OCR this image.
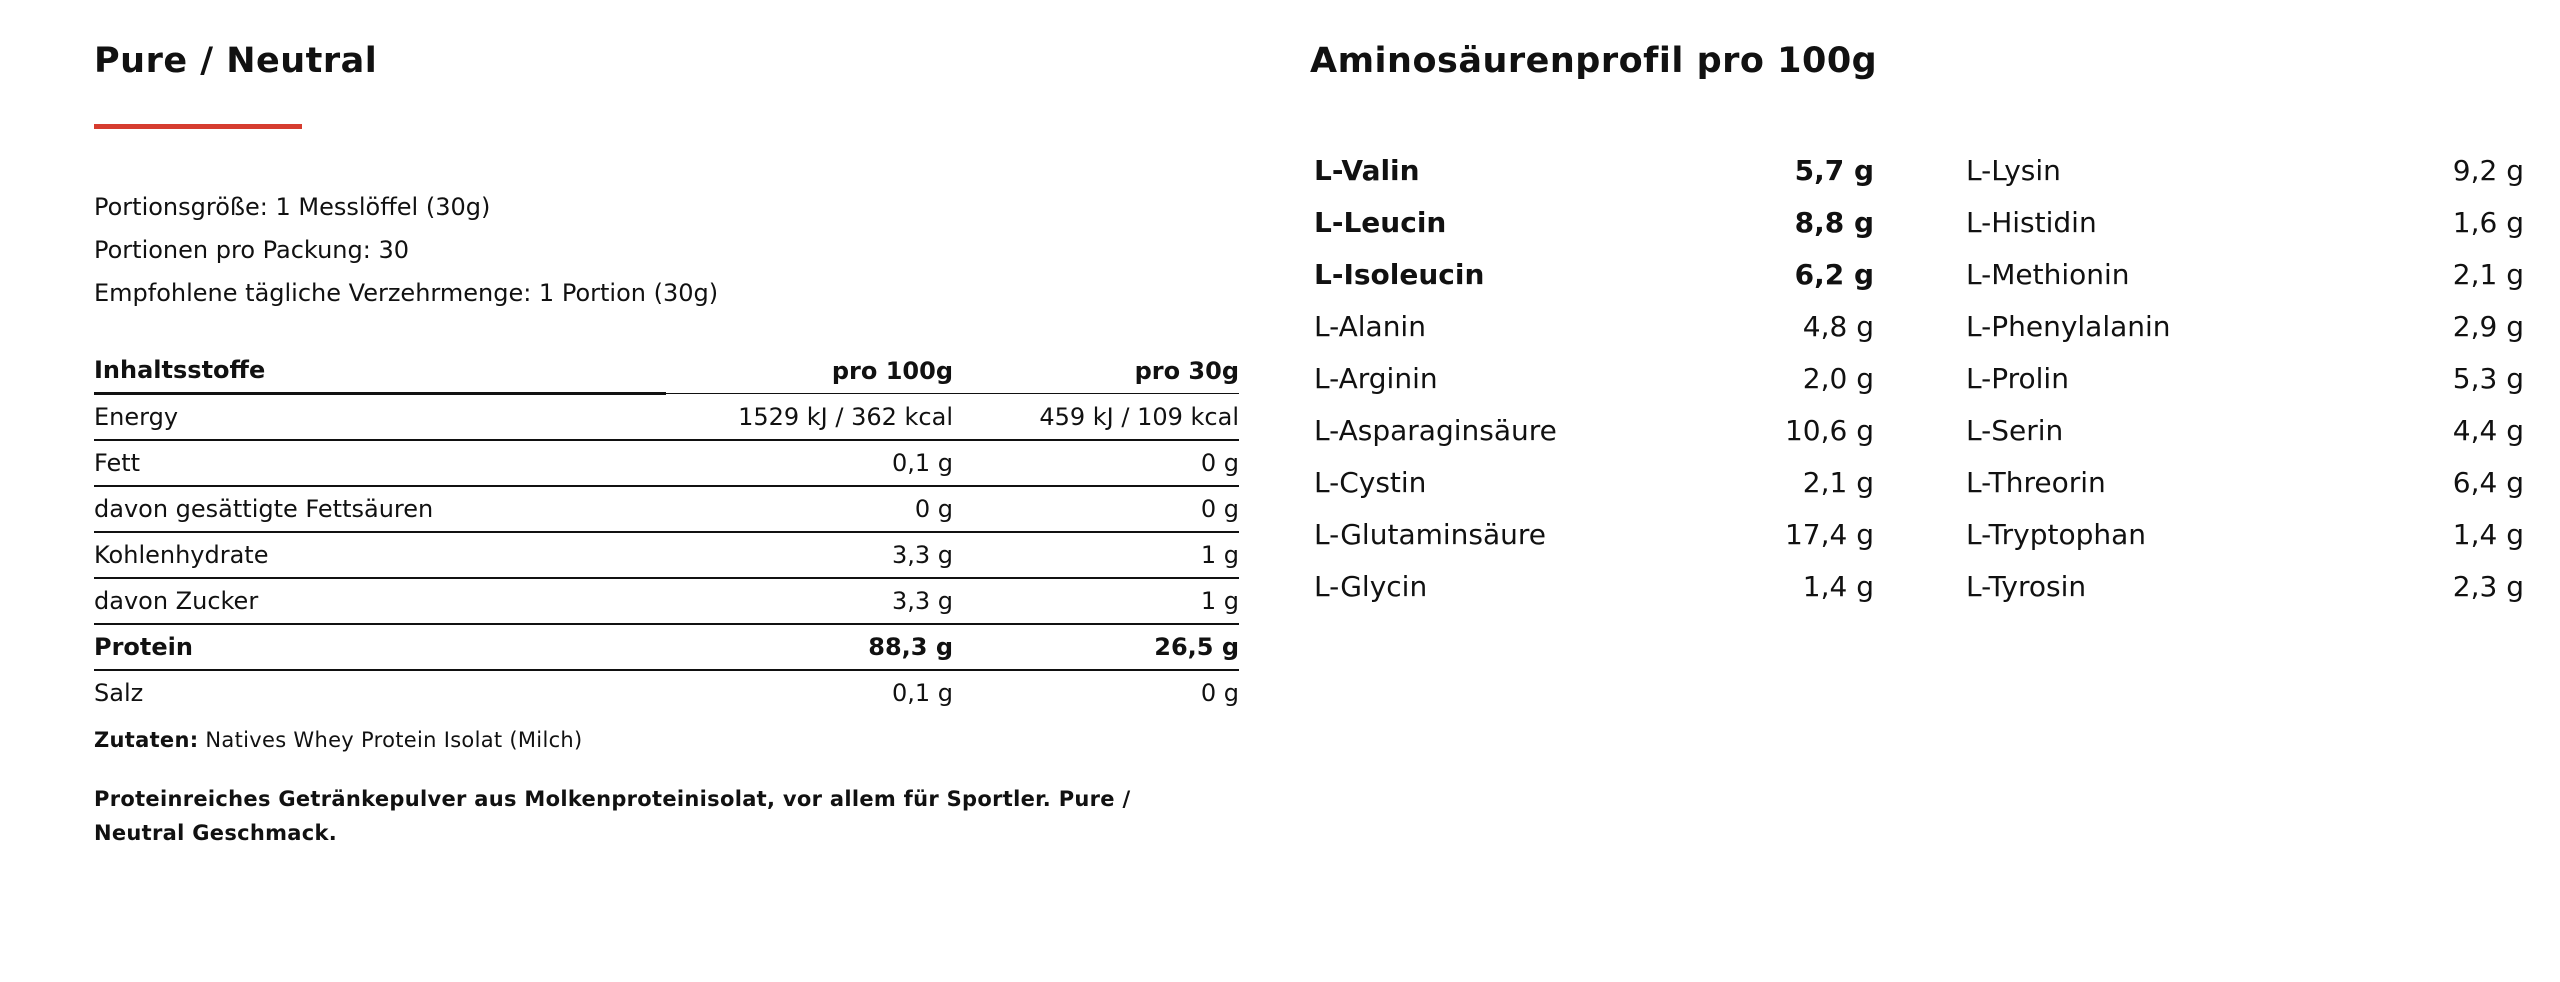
Pure / Neutral
Portionsgröße: 1 Messlöffel (30g)
Portionen pro Packung: 30
Empfohlene tägliche Verzehrmenge: 1 Portion (30g)
Inhaltsstoffe	pro 100g	pro 30g
Energy	1529 kJ / 362 kcal	459 kJ / 109 kcal
Fett	0,1 g	0 g
davon gesättigte Fettsäuren	0 g	0 g
Kohlenhydrate	3,3 g	1 g
davon Zucker	3,3 g	1 g
Protein	88,3 g	26,5 g
Salz	0,1 g	0 g
Zutaten: Natives Whey Protein Isolat (Milch)
Proteinreiches Getränkepulver aus Molkenproteinisolat, vor allem für Sportler. Pure / Neutral Geschmack.
Aminosäurenprofil pro 100g
L-Valin	5,7 g
L-Leucin	8,8 g
L-Isoleucin	6,2 g
L-Alanin	4,8 g
L-Arginin	2,0 g
L-Asparaginsäure	10,6 g
L-Cystin	2,1 g
L-Glutaminsäure	17,4 g
L-Glycin	1,4 g
L-Lysin	9,2 g
L-Histidin	1,6 g
L-Methionin	2,1 g
L-Phenylalanin	2,9 g
L-Prolin	5,3 g
L-Serin	4,4 g
L-Threorin	6,4 g
L-Tryptophan	1,4 g
L-Tyrosin	2,3 g
